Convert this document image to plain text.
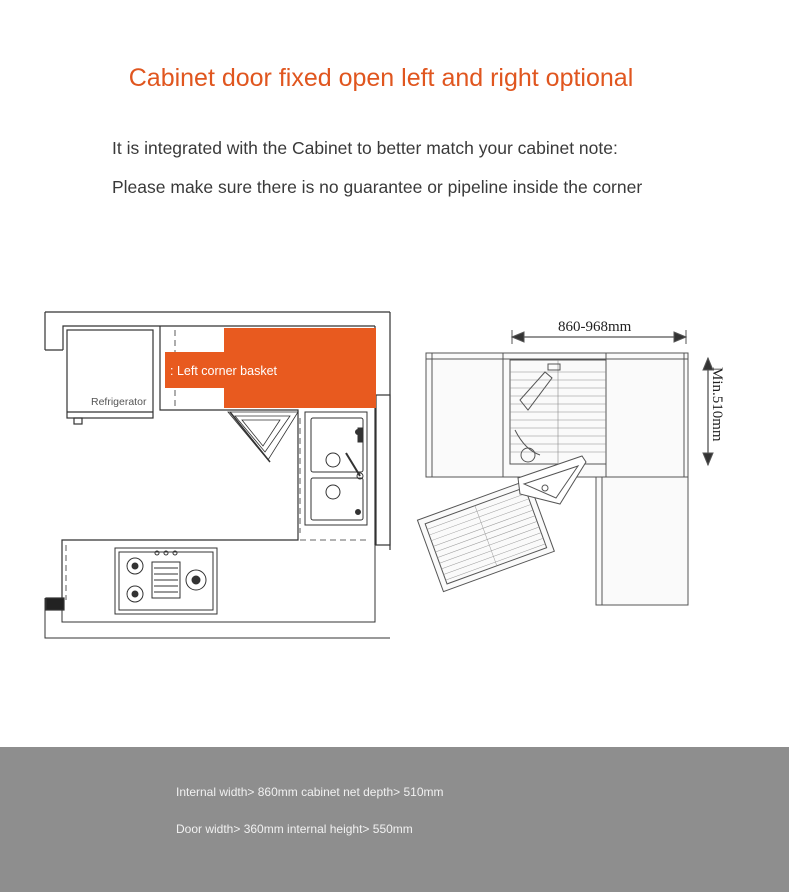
Cabinet door fixed open left and right optional
It is integrated with the Cabinet to better match your cabinet note:
Please make sure there is no guarantee or pipeline inside the corner
Refrigerator
: Left corner basket
860-968mm
Min.510mm
Internal width> 860mm cabinet net depth> 510mm
Door width> 360mm internal height> 550mm
